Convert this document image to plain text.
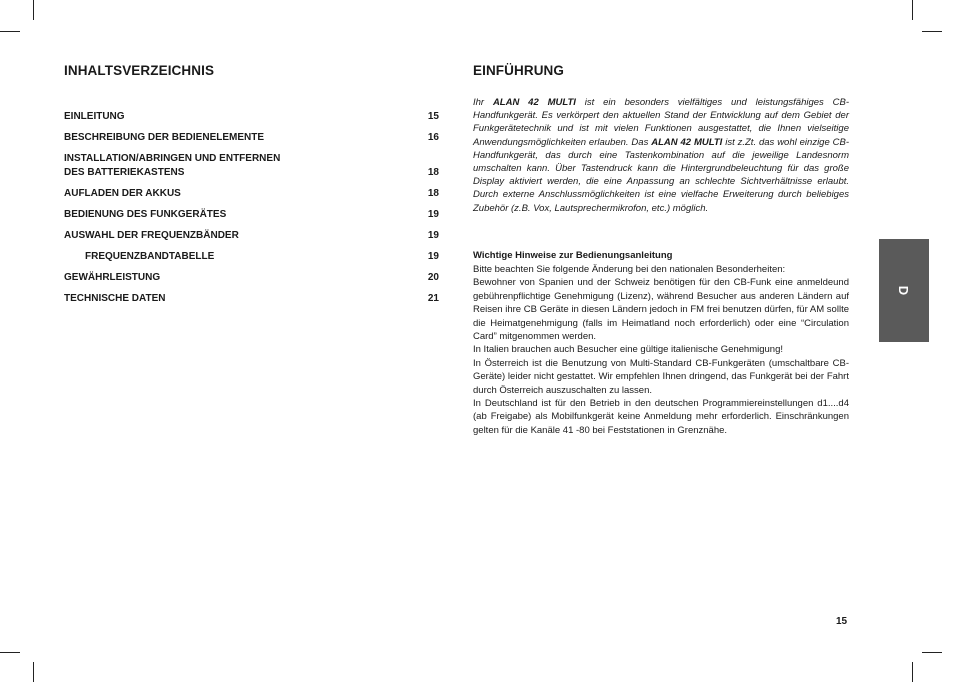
INHALTSVERZEICHNIS
EINLEITUNG	15
BESCHREIBUNG DER BEDIENELEMENTE	16
INSTALLATION/ABRINGEN UND ENTFERNEN
DES BATTERIEKASTENS	18
AUFLADEN DER AKKUS	18
BEDIENUNG DES FUNKGERÄTES	19
AUSWAHL DER FREQUENZBÄNDER	19
FREQUENZBANDTABELLE	19
GEWÄHRLEISTUNG	20
TECHNISCHE DATEN	21
EINFÜHRUNG

Ihr ALAN 42 MULTI ist ein besonders vielfältiges und leistungsfähiges CB-Handfunkgerät. Es verkörpert den aktuellen Stand der Entwicklung auf dem Gebiet der Funkgerätetechnik und ist mit vielen Funktionen ausgestattet, die Ihnen vielseitige Anwendungsmöglichkeiten erlauben. Das ALAN 42 MULTI ist z.Zt. das wohl einzige CB-Handfunkgerät, das durch eine Tastenkombination auf die jeweilige Landesnorm umschalten kann. Über Tastendruck kann die Hintergrundbeleuchtung für das große Display aktiviert werden, die eine Anpassung an schlechte Sichtverhältnisse erlaubt. Durch externe Anschlussmöglichkeiten ist eine vielfache Erweiterung durch beliebiges Zubehör (z.B. Vox, Lautsprechermikrofon, etc.) möglich.

Wichtige Hinweise zur Bedienungsanleitung

Bitte beachten Sie folgende Änderung bei den nationalen Besonderheiten:

Bewohner von Spanien und der Schweiz benötigen für den CB-Funk eine anmeldeund gebührenpflichtige Genehmigung (Lizenz), während Besucher aus anderen Ländern auf Reisen ihre CB Geräte in diesen Ländern jedoch in FM frei benutzen dürfen, für AM sollte die Heimatgenehmigung (falls im Heimatland noch erforderlich) oder eine “Circulation Card” mitgenommen werden.

In Italien brauchen auch Besucher eine gültige italienische Genehmigung!

In Österreich ist die Benutzung von Multi-Standard CB-Funkgeräten (umschaltbare CB-Geräte) leider nicht gestattet. Wir empfehlen Ihnen dringend, das Funkgerät bei der Fahrt durch Österreich auszuschalten zu lassen.

In Deutschland ist für den Betrieb in den deutschen Programmiereinstellungen d1....d4 (ab Freigabe) als Mobilfunkgerät keine Anmeldung mehr erforderlich. Einschränkungen gelten für die Kanäle 41 -80 bei Feststationen in Grenznähe.

D
15
